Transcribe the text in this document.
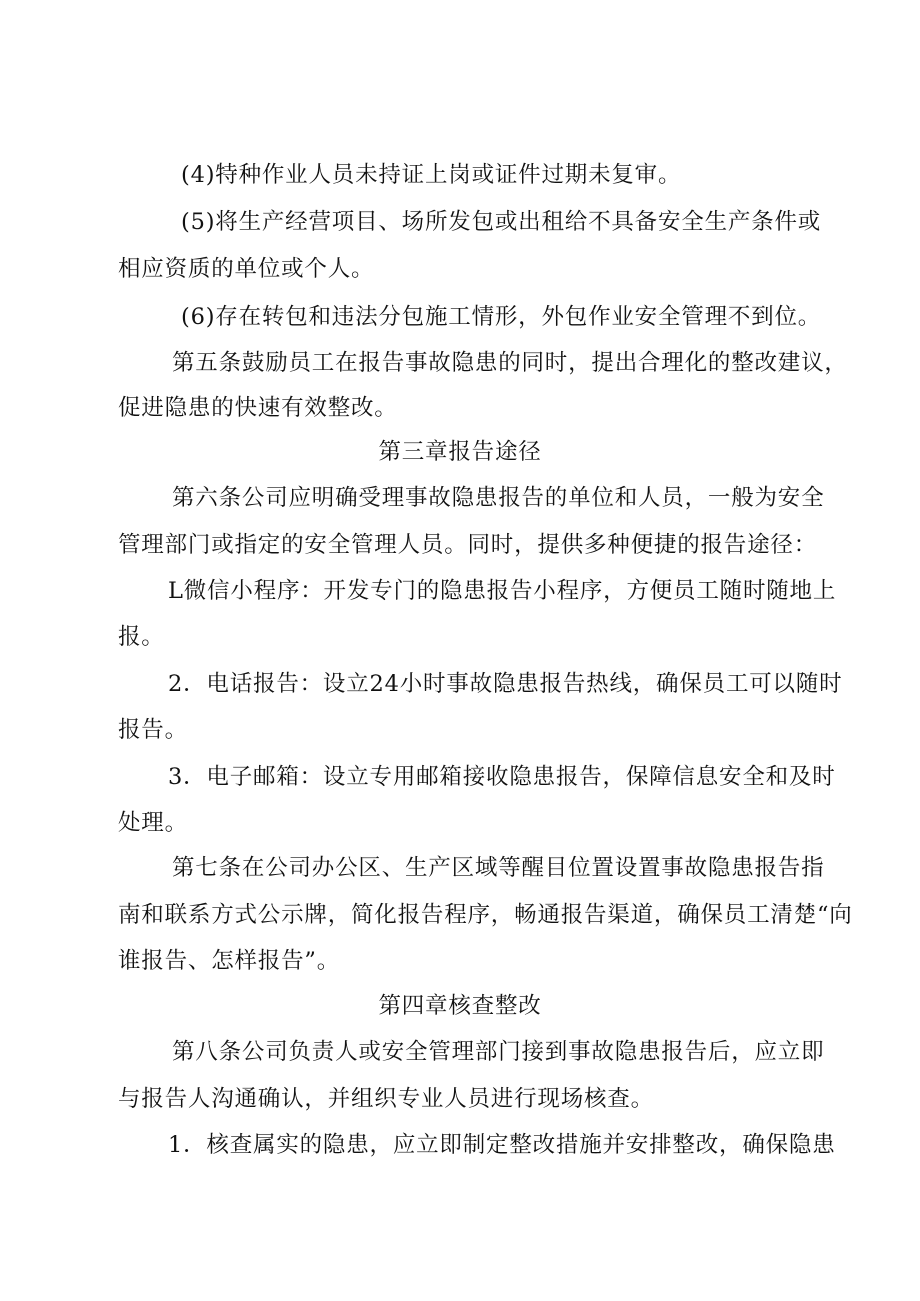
(4)特种作业人员未持证上岗或证件过期未复审。
(5)将生产经营项目、场所发包或出租给不具备安全生产条件或
相应资质的单位或个人。
(6)存在转包和违法分包施工情形，外包作业安全管理不到位。
第五条鼓励员工在报告事故隐患的同时，提出合理化的整改建议，
促进隐患的快速有效整改。
第三章报告途径
第六条公司应明确受理事故隐患报告的单位和人员，一般为安全
管理部门或指定的安全管理人员。同时，提供多种便捷的报告途径：
L微信小程序：开发专门的隐患报告小程序，方便员工随时随地上
报。
2．电话报告：设立24小时事故隐患报告热线，确保员工可以随时
报告。
3．电子邮箱：设立专用邮箱接收隐患报告，保障信息安全和及时
处理。
第七条在公司办公区、生产区域等醒目位置设置事故隐患报告指
南和联系方式公示牌，简化报告程序，畅通报告渠道，确保员工清楚“向
谁报告、怎样报告”。
第四章核查整改
第八条公司负责人或安全管理部门接到事故隐患报告后，应立即
与报告人沟通确认，并组织专业人员进行现场核查。
1．核查属实的隐患，应立即制定整改措施并安排整改，确保隐患
